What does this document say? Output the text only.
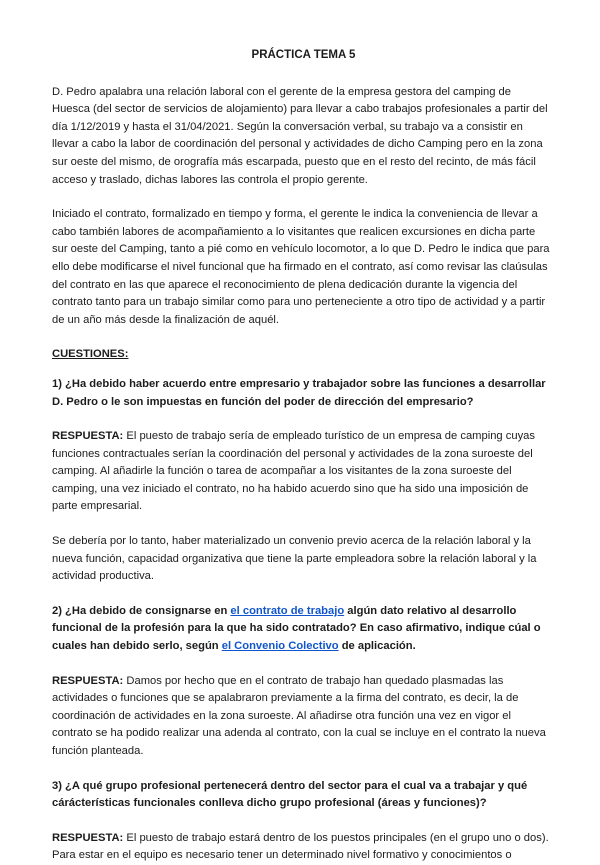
PRÁCTICA TEMA 5

D. Pedro apalabra una relación laboral con el gerente de la empresa gestora del camping de Huesca (del sector de servicios de alojamiento) para llevar a cabo trabajos profesionales a partir del día 1/12/2019 y hasta el 31/04/2021. Según la conversación verbal, su trabajo va a consistir en llevar a cabo la labor de coordinación del personal y actividades de dicho Camping pero en la zona sur oeste del mismo, de orografía más escarpada, puesto que en el resto del recinto, de más fácil acceso y traslado, dichas labores las controla el propio gerente.

Iniciado el contrato, formalizado en tiempo y forma, el gerente le indica la conveniencia de llevar a cabo también labores de acompañamiento a lo visitantes que realicen excursiones en dicha parte sur oeste del Camping, tanto a pié como en vehículo locomotor, a lo que D. Pedro le indica que para ello debe modificarse el nivel funcional que ha firmado en el contrato, así como revisar las claúsulas del contrato en las que aparece el reconocimiento de plena dedicación durante la vigencia del contrato tanto para un trabajo similar como para uno perteneciente a otro tipo de actividad y a partir de un año más desde la finalización de aquél.

CUESTIONES:

1) ¿Ha debido haber acuerdo entre empresario y trabajador sobre las funciones a desarrollar D. Pedro o le son impuestas en función del poder de dirección del empresario?

RESPUESTA: El puesto de trabajo sería de empleado turístico de un empresa de camping cuyas funciones contractuales serían la coordinación del personal y actividades de la zona suroeste del camping. Al añadirle la función o tarea de acompañar a los visitantes de la zona suroeste del camping, una vez iniciado el contrato, no ha habido acuerdo sino que ha sido una imposición de parte empresarial.

Se debería por lo tanto, haber materializado un convenio previo acerca de la relación laboral y la nueva función, capacidad organizativa que tiene la parte empleadora sobre la relación laboral y la actividad productiva.

2) ¿Ha debido de consignarse en el contrato de trabajo algún dato relativo al desarrollo funcional de la profesión para la que ha sido contratado? En caso afirmativo, indique cúal o cuales han debido serlo, según el Convenio Colectivo de aplicación.

RESPUESTA: Damos por hecho que en el contrato de trabajo han quedado plasmadas las actividades o funciones que se apalabraron previamente a la firma del contrato, es decir, la de coordinación de actividades en la zona suroeste. Al añadirse otra función una vez en vigor el contrato se ha podido realizar una adenda al contrato, con la cual se incluye en el contrato la nueva función planteada.

3) ¿A qué grupo profesional pertenecerá dentro del sector para el cual va a trabajar y qué cárácterísticas funcionales conlleva dicho grupo profesional (áreas y funciones)?

RESPUESTA: El puesto de trabajo estará dentro de los puestos principales (en el grupo uno o dos). Para estar en el equipo es necesario tener un determinado nivel formativo y conocimientos o
